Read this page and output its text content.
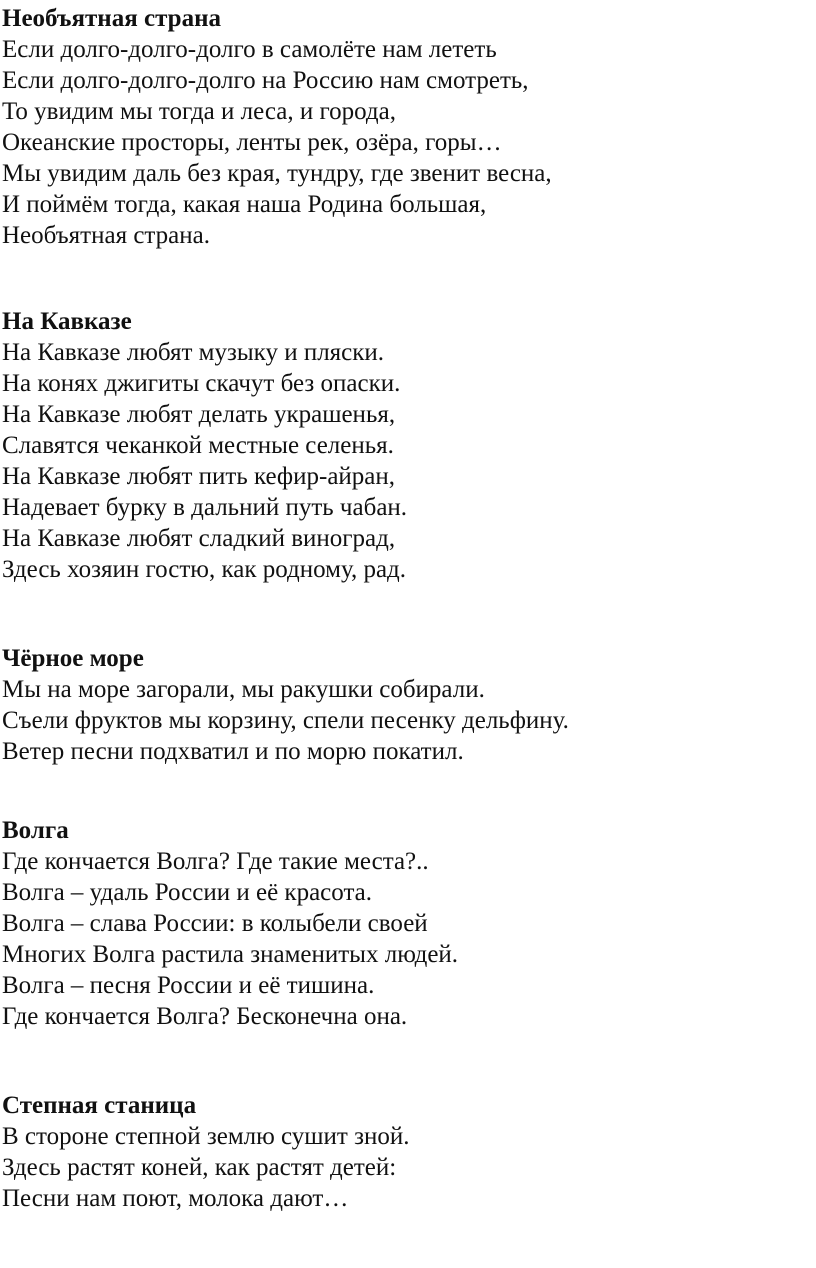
Необъятная страна
Если долго-долго-долго в самолёте нам лететь
Если долго-долго-долго на Россию нам смотреть,
То увидим мы тогда и леса, и города,
Океанские просторы, ленты рек, озёра, горы…
Мы увидим даль без края, тундру, где звенит весна,
И поймём тогда, какая наша Родина большая,
Необъятная страна.
На Кавказе
На Кавказе любят музыку и пляски.
На конях джигиты скачут без опаски.
На Кавказе любят делать украшенья,
Славятся чеканкой местные селенья.
На Кавказе любят пить кефир-айран,
Надевает бурку в дальний путь чабан.
На Кавказе любят сладкий виноград,
Здесь хозяин гостю, как родному, рад.
Чёрное море
Мы на море загорали, мы ракушки собирали.
Съели фруктов мы корзину, спели песенку дельфину.
Ветер песни подхватил и по морю покатил.
Волга
Где кончается Волга? Где такие места?..
Волга – удаль России и её красота.
Волга – слава России: в колыбели своей
Многих Волга растила знаменитых людей.
Волга – песня России и её тишина.
Где кончается Волга? Бесконечна она.
Степная станица
В стороне степной землю сушит зной.
Здесь растят коней, как растят детей:
Песни нам поют, молока дают…
